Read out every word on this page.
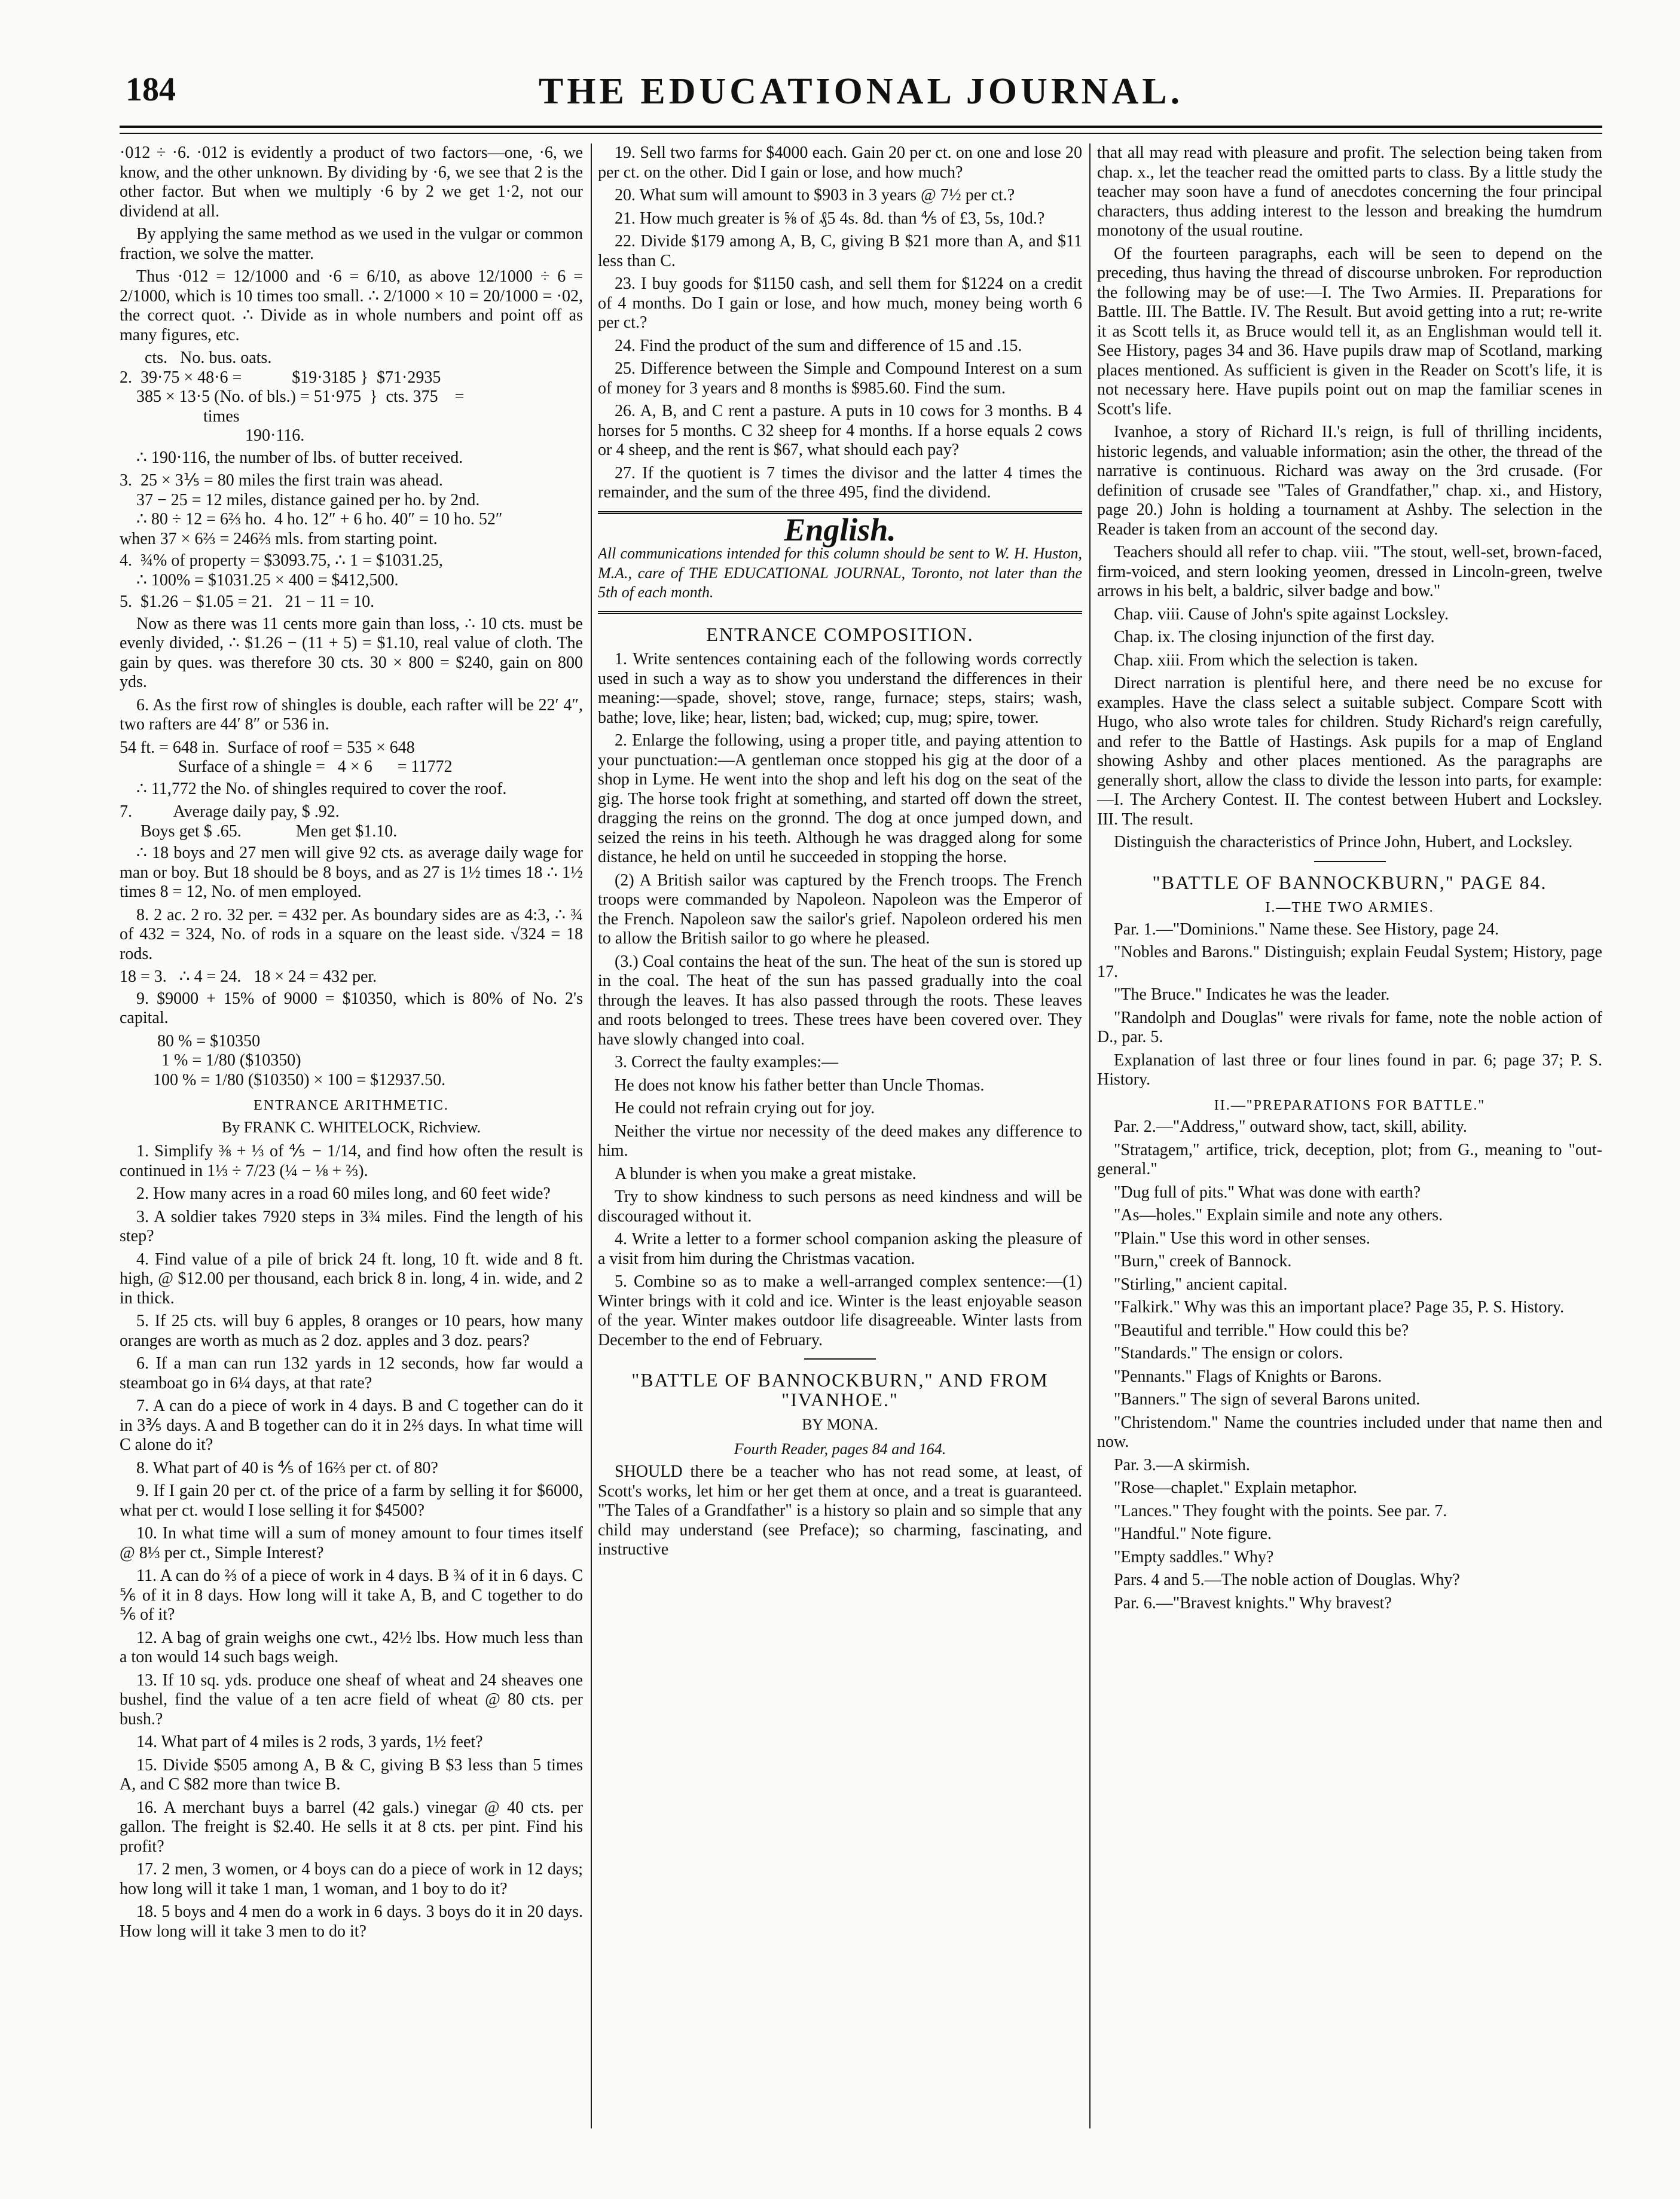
184	THE EDUCATIONAL JOURNAL.

·012 ÷ ·6. ·012 is evidently a product of two factors—one, ·6, we know, and the other unknown. By dividing by ·6, we see that 2 is the other factor. But when we multiply ·6 by 2 we get 1·2, not our dividend at all.

By applying the same method as we used in the vulgar or common fraction, we solve the matter.

Thus ·012 = 12/1000 and ·6 = 6/10, as above 12/1000 ÷ 6 = 2/1000, which is 10 times too small. ∴ 2/1000 × 10 = 20/1000 = ·02, the correct quot. ∴ Divide as in whole numbers and point off as many figures, etc.

cts.   No. bus. oats.
2.  39·75 × 48·6 =            $19·3185 }  $71·2935
385 × 13·5 (No. of bls.) = 51·975  }  cts. 375    =
times
190·116.

∴ 190·116, the number of lbs. of butter received.

3.  25 × 3⅕ = 80 miles the first train was ahead.
37 − 25 = 12 miles, distance gained per ho. by 2nd.
∴ 80 ÷ 12 = 6⅔ ho.  4 ho. 12″ + 6 ho. 40″ = 10 ho. 52″
when 37 × 6⅔ = 246⅔ mls. from starting point.
4.  ¾% of property = $3093.75, ∴ 1 = $1031.25,
∴ 100% = $1031.25 × 400 = $412,500.
5.  $1.26 − $1.05 = 21.   21 − 11 = 10.

Now as there was 11 cents more gain than loss, ∴ 10 cts. must be evenly divided, ∴ $1.26 − (11 + 5) = $1.10, real value of cloth. The gain by ques. was therefore 30 cts. 30 × 800 = $240, gain on 800 yds.

6. As the first row of shingles is double, each rafter will be 22′ 4″, two rafters are 44′ 8″ or 536 in.

54 ft. = 648 in.  Surface of roof = 535 × 648
Surface of a shingle =   4 × 6      = 11772

∴ 11,772 the No. of shingles required to cover the roof.

7.          Average daily pay, $ .92.
Boys get $ .65.             Men get $1.10.

∴ 18 boys and 27 men will give 92 cts. as average daily wage for man or boy. But 18 should be 8 boys, and as 27 is 1½ times 18 ∴ 1½ times 8 = 12, No. of men employed.

8. 2 ac. 2 ro. 32 per. = 432 per. As boundary sides are as 4:3, ∴ ¾ of 432 = 324, No. of rods in a square on the least side. √324 = 18 rods.

18 = 3.   ∴ 4 = 24.   18 × 24 = 432 per.

9. $9000 + 15% of 9000 = $10350, which is 80% of No. 2's capital.

80 % = $10350
1 % = 1/80 ($10350)
100 % = 1/80 ($10350) × 100 = $12937.50.
ENTRANCE ARITHMETIC.
By FRANK C. WHITELOCK, Richview.

1. Simplify ⅜ + ⅓ of ⅘ − 1/14, and find how often the result is continued in 1⅓ ÷ 7/23 (¼ − ⅛ + ⅔).

2. How many acres in a road 60 miles long, and 60 feet wide?

3. A soldier takes 7920 steps in 3¾ miles. Find the length of his step?

4. Find value of a pile of brick 24 ft. long, 10 ft. wide and 8 ft. high, @ $12.00 per thousand, each brick 8 in. long, 4 in. wide, and 2 in thick.

5. If 25 cts. will buy 6 apples, 8 oranges or 10 pears, how many oranges are worth as much as 2 doz. apples and 3 doz. pears?

6. If a man can run 132 yards in 12 seconds, how far would a steamboat go in 6¼ days, at that rate?

7. A can do a piece of work in 4 days. B and C together can do it in 3⅗ days. A and B together can do it in 2⅔ days. In what time will C alone do it?

8. What part of 40 is ⅘ of 16⅔ per ct. of 80?

9. If I gain 20 per ct. of the price of a farm by selling it for $6000, what per ct. would I lose selling it for $4500?

10. In what time will a sum of money amount to four times itself @ 8⅓ per ct., Simple Interest?

11. A can do ⅔ of a piece of work in 4 days. B ¾ of it in 6 days. C ⅚ of it in 8 days. How long will it take A, B, and C together to do ⅚ of it?

12. A bag of grain weighs one cwt., 42½ lbs. How much less than a ton would 14 such bags weigh.

13. If 10 sq. yds. produce one sheaf of wheat and 24 sheaves one bushel, find the value of a ten acre field of wheat @ 80 cts. per bush.?

14. What part of 4 miles is 2 rods, 3 yards, 1½ feet?

15. Divide $505 among A, B & C, giving B $3 less than 5 times A, and C $82 more than twice B.

16. A merchant buys a barrel (42 gals.) vinegar @ 40 cts. per gallon. The freight is $2.40. He sells it at 8 cts. per pint. Find his profit?

17. 2 men, 3 women, or 4 boys can do a piece of work in 12 days; how long will it take 1 man, 1 woman, and 1 boy to do it?

18. 5 boys and 4 men do a work in 6 days. 3 boys do it in 20 days. How long will it take 3 men to do it?

19. Sell two farms for $4000 each. Gain 20 per ct. on one and lose 20 per ct. on the other. Did I gain or lose, and how much?

20. What sum will amount to $903 in 3 years @ 7½ per ct.?

21. How much greater is ⅝ of ₰5 4s. 8d. than ⅘ of £3, 5s, 10d.?

22. Divide $179 among A, B, C, giving B $21 more than A, and $11 less than C.

23. I buy goods for $1150 cash, and sell them for $1224 on a credit of 4 months. Do I gain or lose, and how much, money being worth 6 per ct.?

24. Find the product of the sum and difference of 15 and .15.

25. Difference between the Simple and Compound Interest on a sum of money for 3 years and 8 months is $985.60. Find the sum.

26. A, B, and C rent a pasture. A puts in 10 cows for 3 months. B 4 horses for 5 months. C 32 sheep for 4 months. If a horse equals 2 cows or 4 sheep, and the rent is $67, what should each pay?

27. If the quotient is 7 times the divisor and the latter 4 times the remainder, and the sum of the three 495, find the dividend.

English.

All communications intended for this column should be sent to W. H. Huston, M.A., care of THE EDUCATIONAL JOURNAL, Toronto, not later than the 5th of each month.

ENTRANCE COMPOSITION.

1. Write sentences containing each of the following words correctly used in such a way as to show you understand the differences in their meaning:—spade, shovel; stove, range, furnace; steps, stairs; wash, bathe; love, like; hear, listen; bad, wicked; cup, mug; spire, tower.

2. Enlarge the following, using a proper title, and paying attention to your punctuation:—A gentleman once stopped his gig at the door of a shop in Lyme. He went into the shop and left his dog on the seat of the gig. The horse took fright at something, and started off down the street, dragging the reins on the gronnd. The dog at once jumped down, and seized the reins in his teeth. Although he was dragged along for some distance, he held on until he succeeded in stopping the horse.

(2) A British sailor was captured by the French troops. The French troops were commanded by Napoleon. Napoleon was the Emperor of the French. Napoleon saw the sailor's grief. Napoleon ordered his men to allow the British sailor to go where he pleased.

(3.) Coal contains the heat of the sun. The heat of the sun is stored up in the coal. The heat of the sun has passed gradually into the coal through the leaves. It has also passed through the roots. These leaves and roots belonged to trees. These trees have been covered over. They have slowly changed into coal.

3. Correct the faulty examples:—

He does not know his father better than Uncle Thomas.

He could not refrain crying out for joy.

Neither the virtue nor necessity of the deed makes any difference to him.

A blunder is when you make a great mistake.

Try to show kindness to such persons as need kindness and will be discouraged without it.

4. Write a letter to a former school companion asking the pleasure of a visit from him during the Christmas vacation.

5. Combine so as to make a well-arranged complex sentence:—(1) Winter brings with it cold and ice. Winter is the least enjoyable season of the year. Winter makes outdoor life disagreeable. Winter lasts from December to the end of February.

"BATTLE OF BANNOCKBURN," AND FROM "IVANHOE."
BY MONA.
Fourth Reader, pages 84 and 164.

SHOULD there be a teacher who has not read some, at least, of Scott's works, let him or her get them at once, and a treat is guaranteed. "The Tales of a Grandfather" is a history so plain and so simple that any child may understand (see Preface); so charming, fascinating, and instructive

that all may read with pleasure and profit. The selection being taken from chap. x., let the teacher read the omitted parts to class. By a little study the teacher may soon have a fund of anecdotes concerning the four principal characters, thus adding interest to the lesson and breaking the humdrum monotony of the usual routine.

Of the fourteen paragraphs, each will be seen to depend on the preceding, thus having the thread of discourse unbroken. For reproduction the following may be of use:—I. The Two Armies. II. Preparations for Battle. III. The Battle. IV. The Result. But avoid getting into a rut; re-write it as Scott tells it, as Bruce would tell it, as an Englishman would tell it. See History, pages 34 and 36. Have pupils draw map of Scotland, marking places mentioned. As sufficient is given in the Reader on Scott's life, it is not necessary here. Have pupils point out on map the familiar scenes in Scott's life.

Ivanhoe, a story of Richard II.'s reign, is full of thrilling incidents, historic legends, and valuable information; asin the other, the thread of the narrative is continuous. Richard was away on the 3rd crusade. (For definition of crusade see "Tales of Grandfather," chap. xi., and History, page 20.) John is holding a tournament at Ashby. The selection in the Reader is taken from an account of the second day.

Teachers should all refer to chap. viii. "The stout, well-set, brown-faced, firm-voiced, and stern looking yeomen, dressed in Lincoln-green, twelve arrows in his belt, a baldric, silver badge and bow."

Chap. viii. Cause of John's spite against Locksley.

Chap. ix. The closing injunction of the first day.

Chap. xiii. From which the selection is taken.

Direct narration is plentiful here, and there need be no excuse for examples. Have the class select a suitable subject. Compare Scott with Hugo, who also wrote tales for children. Study Richard's reign carefully, and refer to the Battle of Hastings. Ask pupils for a map of England showing Ashby and other places mentioned. As the paragraphs are generally short, allow the class to divide the lesson into parts, for example:—I. The Archery Contest. II. The contest between Hubert and Locksley. III. The result.

Distinguish the characteristics of Prince John, Hubert, and Locksley.

"BATTLE OF BANNOCKBURN," PAGE 84.
I.—THE TWO ARMIES.

Par. 1.—"Dominions." Name these. See History, page 24.

"Nobles and Barons." Distinguish; explain Feudal System; History, page 17.

"The Bruce." Indicates he was the leader.

"Randolph and Douglas" were rivals for fame, note the noble action of D., par. 5.

Explanation of last three or four lines found in par. 6; page 37; P. S. History.

II.—"PREPARATIONS FOR BATTLE."

Par. 2.—"Address," outward show, tact, skill, ability.

"Stratagem," artifice, trick, deception, plot; from G., meaning to "out-general."

"Dug full of pits." What was done with earth?

"As—holes." Explain simile and note any others.

"Plain." Use this word in other senses.

"Burn," creek of Bannock.

"Stirling," ancient capital.

"Falkirk." Why was this an important place? Page 35, P. S. History.

"Beautiful and terrible." How could this be?

"Standards." The ensign or colors.

"Pennants." Flags of Knights or Barons.

"Banners." The sign of several Barons united.

"Christendom." Name the countries included under that name then and now.

Par. 3.—A skirmish.

"Rose—chaplet." Explain metaphor.

"Lances." They fought with the points. See par. 7.

"Handful." Note figure.

"Empty saddles." Why?

Pars. 4 and 5.—The noble action of Douglas. Why?

Par. 6.—"Bravest knights." Why bravest?
